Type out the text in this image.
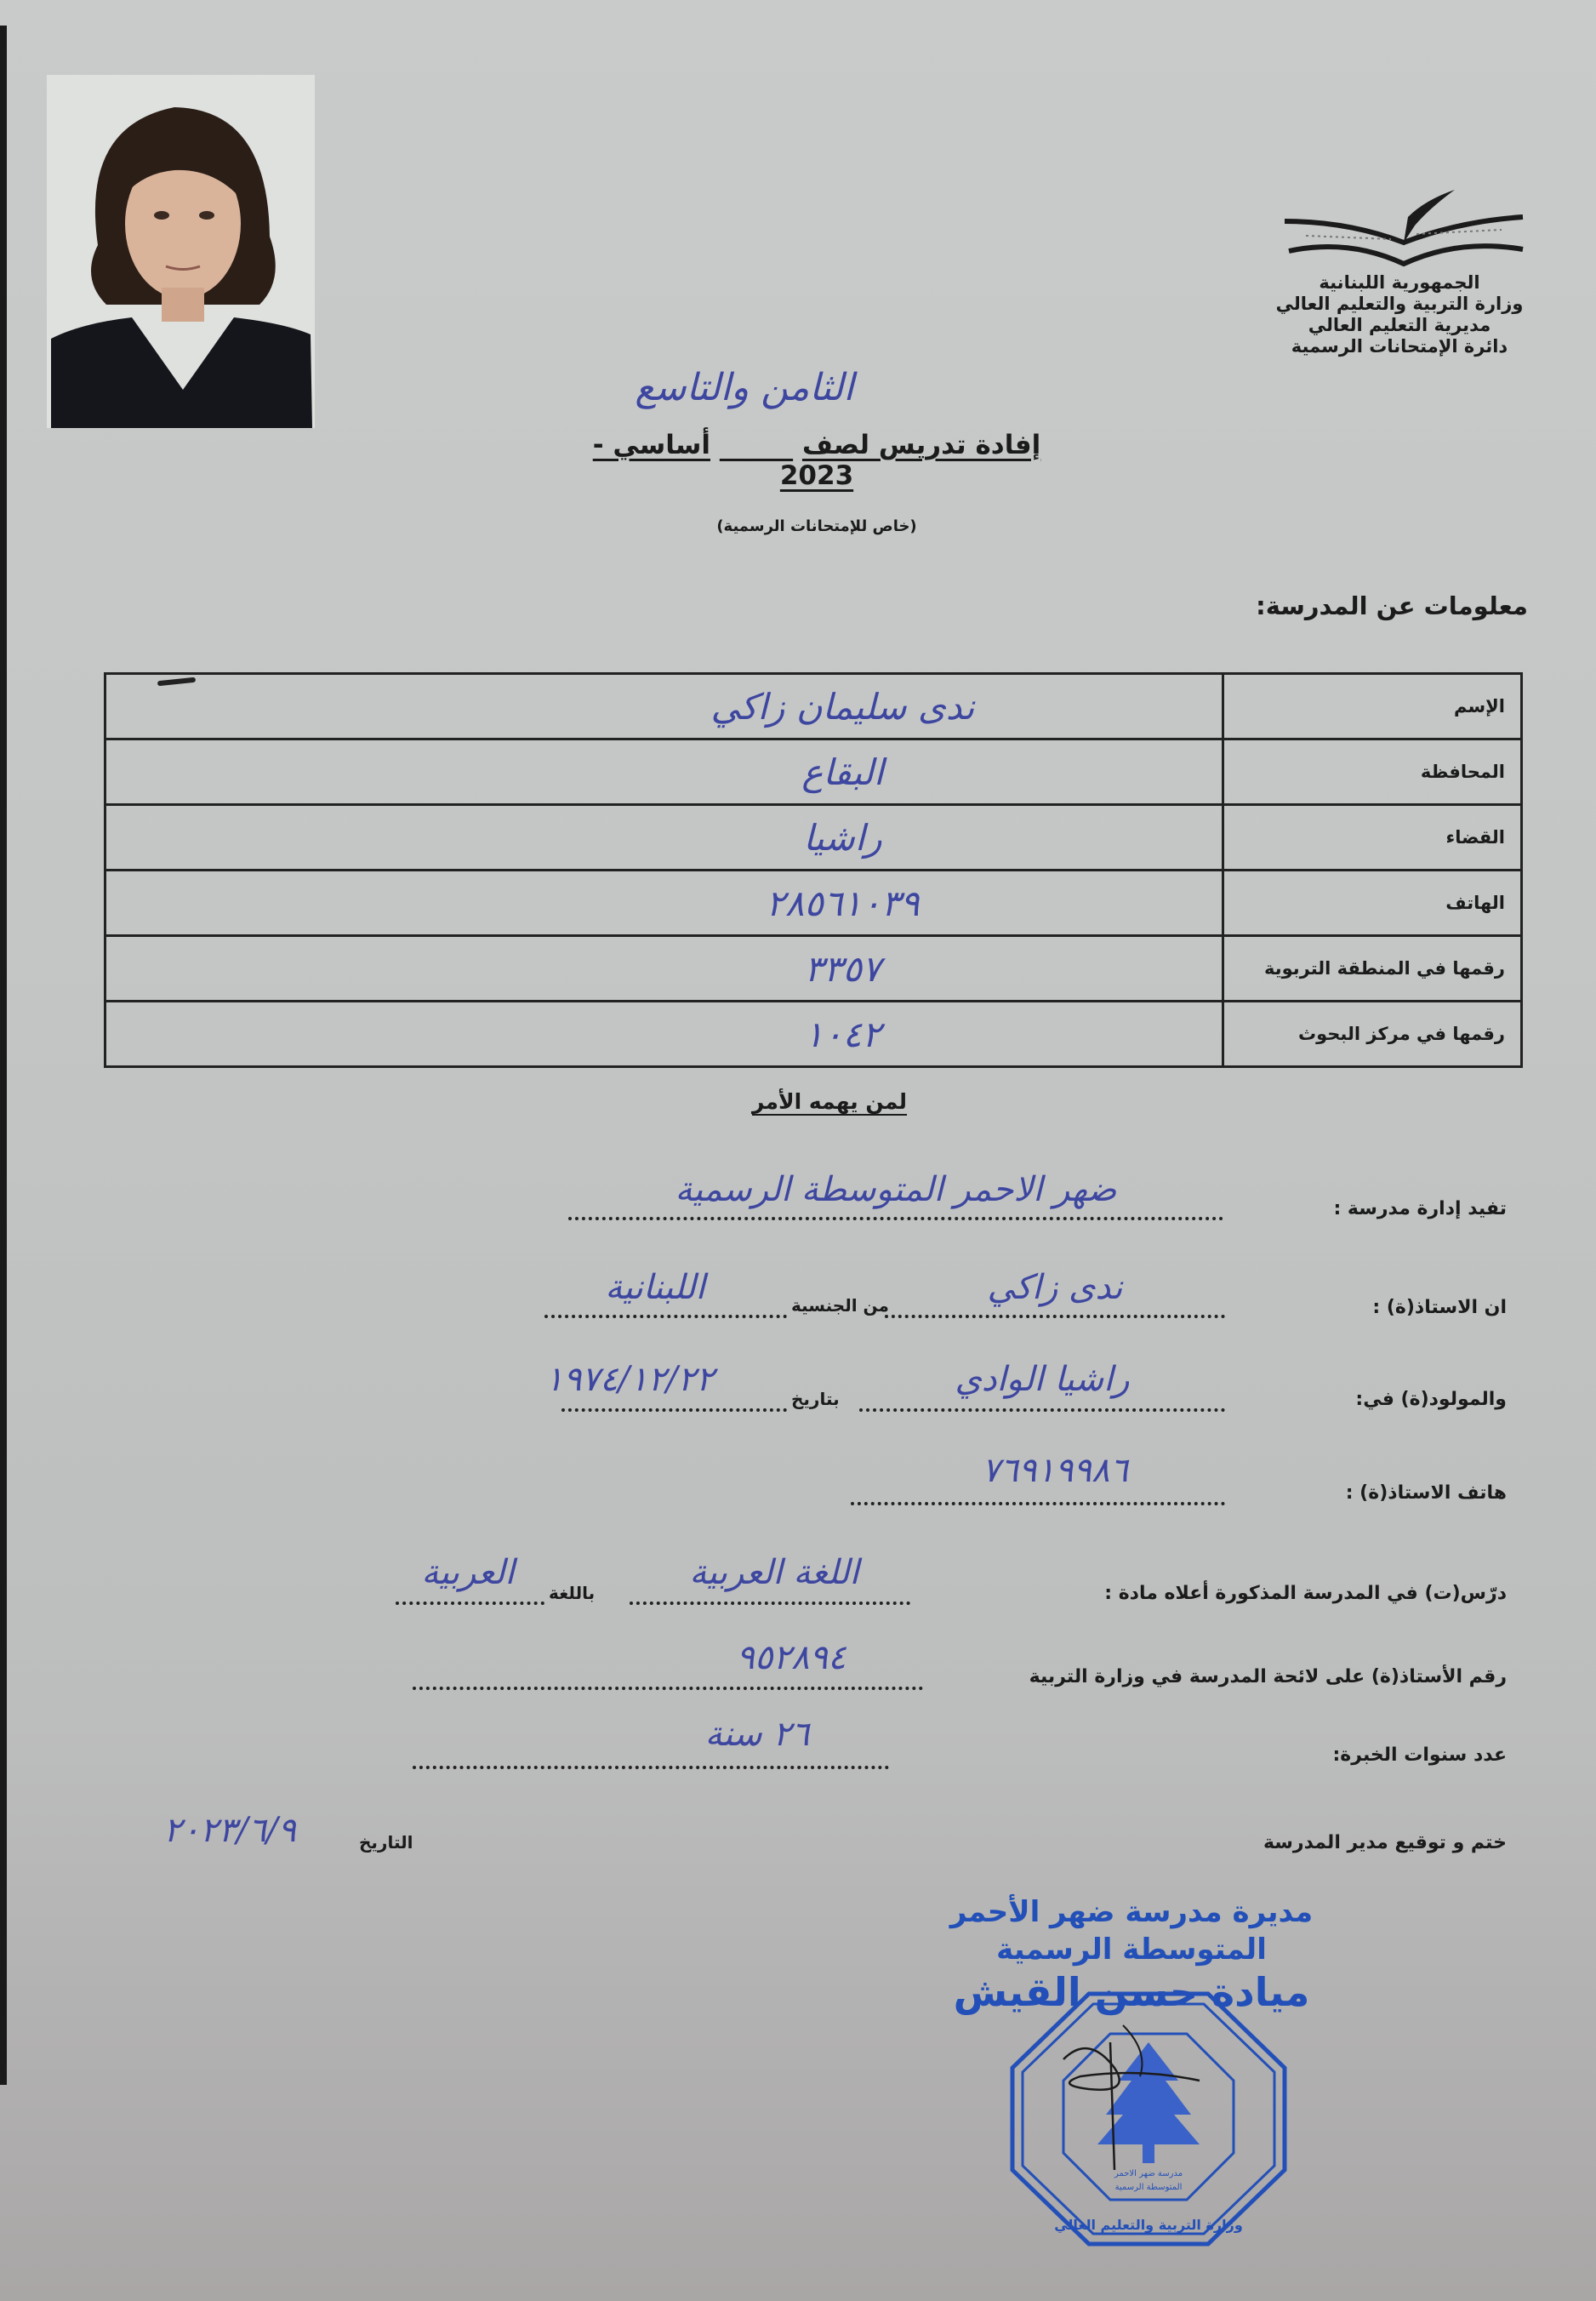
الجمهورية اللبنانية
وزارة التربية والتعليم العالي
مديرية التعليم العالي
دائرة الإمتحانات الرسمية
الثامن والتاسع
إفادة تدريس لصف          أساسي - 2023
(خاص للإمتحانات الرسمية)
معلومات عن المدرسة:
ندى سليمان زاكي	الإسم
البقاع	المحافظة
راشيا	القضاء
٢٨٥٦١٠٣٩	الهاتف
٣٣٥٧	رقمها في المنطقة التربوية
١٠٤٢	رقمها في مركز البحوث
لمن يهمه الأمر
تفيد إدارة مدرسة :
ضهر الاحمر المتوسطة الرسمية
ان الاستاذ(ة) :
ندى زاكي
من الجنسية
اللبنانية
والمولود(ة) في:
راشيا الوادي
بتاريخ
١٩٧٤/١٢/٢٢
هاتف الاستاذ(ة) :
٧٦٩١٩٩٨٦
درّس(ت) في المدرسة المذكورة أعلاه مادة :
اللغة العربية
باللغة
العربية
رقم الأستاذ(ة) على لائحة المدرسة في وزارة التربية
٩٥٢٨٩٤
عدد سنوات الخبرة:
٢٦ سنة
التاريخ
٢٠٢٣/٦/٩	ختم و توقيع مدير المدرسة
مديرة مدرسة ضهر الأحمر
المتوسطة الرسمية
ميادة حسن القيش
مدرسة ضهر الاحمر
المتوسطة الرسمية
وزارة التربية والتعليم العالي
